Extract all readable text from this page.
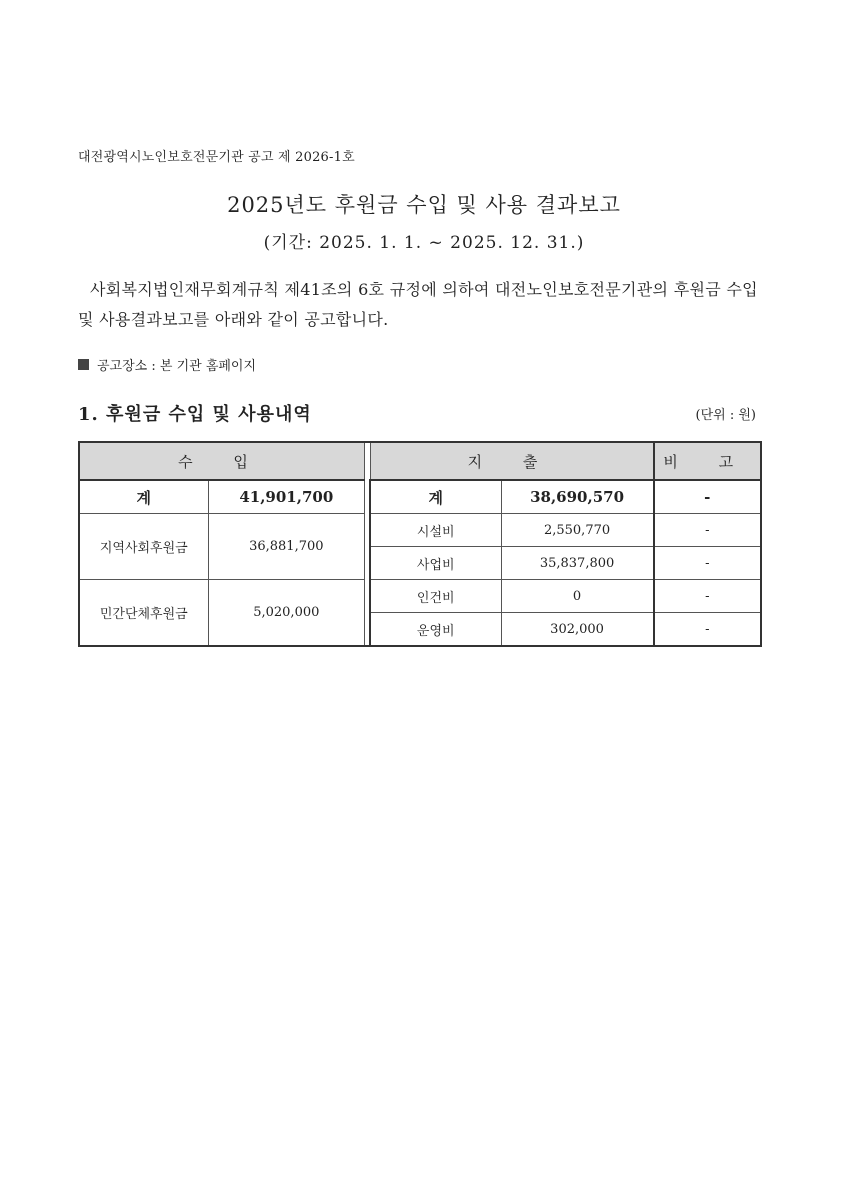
대전광역시노인보호전문기관 공고 제 2026-1호
2025년도 후원금 수입 및 사용 결과보고
(기간: 2025. 1. 1. ~ 2025. 12. 31.)
사회복지법인재무회계규칙 제41조의 6호 규정에 의하여 대전노인보호전문기관의 후원금 수입 및 사용결과보고를 아래와 같이 공고합니다.
공고장소 : 본 기관 홈페이지
1. 후원금 수입 및 사용내역	(단위 : 원)
수 입			지 출		비 고
계	41,901,700		계	38,690,570	-
지역사회후원금	36,881,700		시설비	2,550,770	-
			사업비	35,837,800	-
민간단체후원금	5,020,000		인건비	0	-
			운영비	302,000	-
